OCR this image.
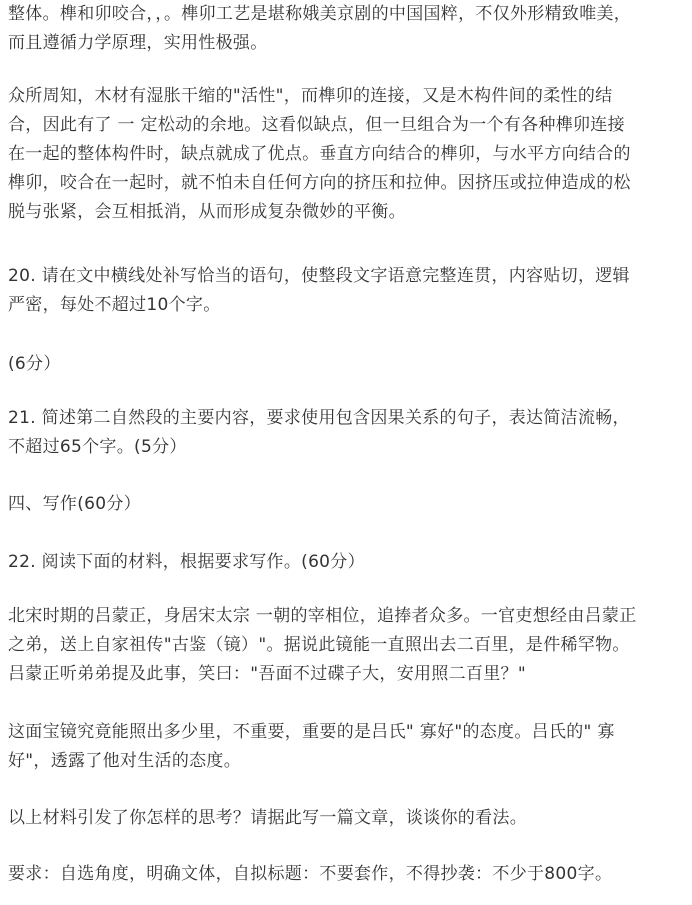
整体。榫和卯咬合，，。榫卯工艺是堪称娥美京剧的中国国粹，不仅外形精致唯美，
而且遵循力学原理，实用性极强。
众所周知，木材有湿胀干缩的"活性"，而榫卯的连接，又是木构件间的柔性的结
合，因此有了 一 定松动的余地。这看似缺点，但一旦组合为一个有各种榫卯连接
在一起的整体构件时，缺点就成了优点。垂直方向结合的榫卯，与水平方向结合的
榫卯，咬合在一起时，就不怕未自任何方向的挤压和拉伸。因挤压或拉伸造成的松
脱与张紧，会互相抵消，从而形成复杂微妙的平衡。
20. 请在文中横线处补写恰当的语句，使整段文字语意完整连贯，内容贴切，逻辑
严密，每处不超过10个字。
(6分）
21. 简述第二自然段的主要内容，要求使用包含因果关系的句子，表达简洁流畅，
不超过65个字。(5分）
四、写作(60分）
22. 阅读下面的材料，根据要求写作。(60分）
北宋时期的吕蒙正，身居宋太宗 一朝的宰相位，追捧者众多。一官吏想经由吕蒙正
之弟，送上自家祖传"古鉴（镜）"。据说此镜能一直照出去二百里，是件稀罕物。
吕蒙正听弟弟提及此事，笑曰："吾面不过碟子大，安用照二百里？"
这面宝镜究竟能照出多少里，不重要，重要的是吕氏" 寡好"的态度。吕氏的" 寡
好"，透露了他对生活的态度。
以上材料引发了你怎样的思考？请据此写一篇文章，谈谈你的看法。
要求：自选角度，明确文体，自拟标题：不要套作，不得抄袭：不少于800字。
